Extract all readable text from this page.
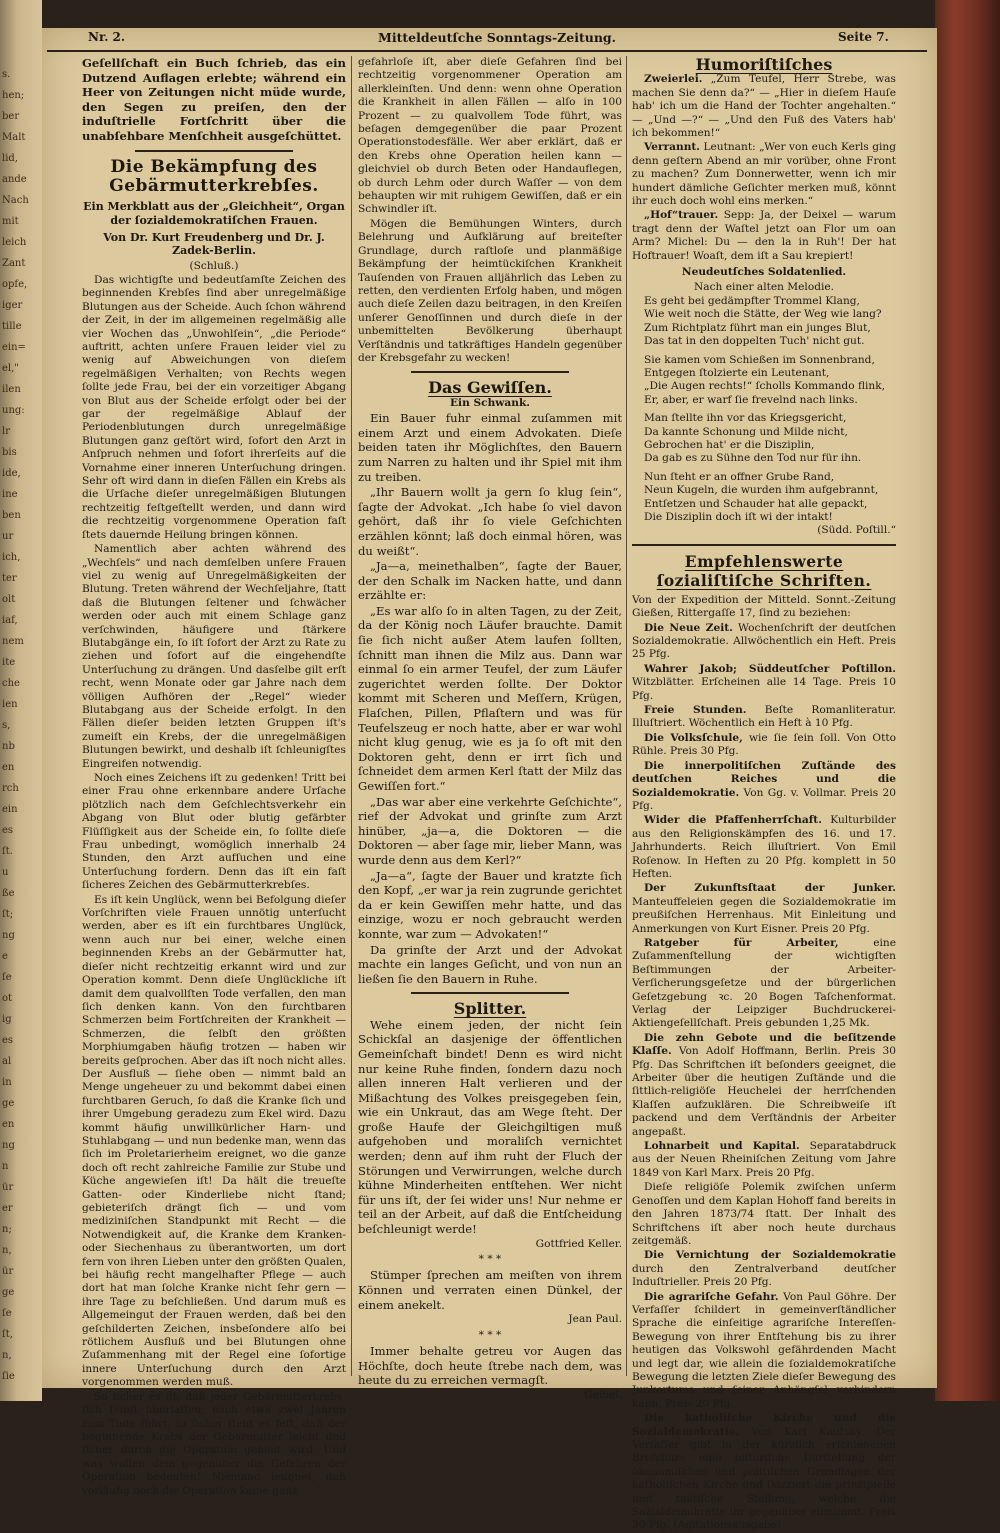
s.
hen;
ber
Malt
lid,
ande
Nach
mit
leich
Zant
opfe,
iger
tille
ein=
el,"
ilen
ung:
lr
bis
ide,
ine
ben
ur
ich,
ter
olt
iaf,
nem
ite
che
ien
s,
nb
en
rch
ein
es
ſt.
u
ße
ſt;
ng
e
ſe
ot
ig
es
al
in
ge
en
ng
n
ür
er
n;
n,
ür
ge
ſe
ſt,
n,
ſie
Nr. 2.	Mitteldeutſche Sonntags-Zeitung.	Seite 7.

Geſellſchaft ein Buch ſchrieb, das ein Dutzend Auflagen erlebte; während ein Heer von Zeitungen nicht müde wurde, den Segen zu preiſen, den der induſtrielle Fortſchritt über die unabſehbare Menſchheit ausgeſchüttet.

Die Bekämpfung des Gebärmutterkrebſes.

Ein Merkblatt aus der „Gleichheit“, Organ der ſozialdemokratiſchen Frauen.

Von Dr. Kurt Freudenberg und Dr. J. Zadek-Berlin.

(Schluß.)

Das wichtigſte und bedeutſamſte Zeichen des beginnenden Krebſes ſind aber unregelmäßige Blutungen aus der Scheide. Auch ſchon während der Zeit, in der im allgemeinen regelmäßig alle vier Wochen das „Unwohlſein“, „die Periode“ auftritt, achten unſere Frauen leider viel zu wenig auf Abweichungen von dieſem regelmäßigen Verhalten; von Rechts wegen ſollte jede Frau, bei der ein vorzeitiger Abgang von Blut aus der Scheide erfolgt oder bei der gar der regelmäßige Ablauf der Periodenblutungen durch unregelmäßige Blutungen ganz geſtört wird, ſofort den Arzt in Anſpruch nehmen und ſofort ihrerſeits auf die Vornahme einer inneren Unterſuchung dringen. Sehr oft wird dann in dieſen Fällen ein Krebs als die Urſache dieſer unregelmäßigen Blutungen rechtzeitig feſtgeſtellt werden, und dann wird die rechtzeitig vorgenommene Operation faſt ſtets dauernde Heilung bringen können.

Namentlich aber achten während des „Wechſels“ und nach demſelben unſere Frauen viel zu wenig auf Unregelmäßigkeiten der Blutung. Treten während der Wechſeljahre, ſtatt daß die Blutungen ſeltener und ſchwächer werden oder auch mit einem Schlage ganz verſchwinden, häufigere und ſtärkere Blutabgänge ein, ſo iſt ſofort der Arzt zu Rate zu ziehen und ſofort auf die eingehendſte Unterſuchung zu drängen. Und dasſelbe gilt erſt recht, wenn Monate oder gar Jahre nach dem völligen Aufhören der „Regel“ wieder Blutabgang aus der Scheide erfolgt. In den Fällen dieſer beiden letzten Gruppen iſt's zumeiſt ein Krebs, der die unregelmäßigen Blutungen bewirkt, und deshalb iſt ſchleunigſtes Eingreifen notwendig.

Noch eines Zeichens iſt zu gedenken! Tritt bei einer Frau ohne erkennbare andere Urſache plötzlich nach dem Geſchlechtsverkehr ein Abgang von Blut oder blutig gefärbter Flüſſigkeit aus der Scheide ein, ſo ſollte dieſe Frau unbedingt, womöglich innerhalb 24 Stunden, den Arzt aufſuchen und eine Unterſuchung fordern. Denn das iſt ein faſt ſicheres Zeichen des Gebärmutterkrebſes.

Es iſt kein Unglück, wenn bei Befolgung dieſer Vorſchriften viele Frauen unnötig unterſucht werden, aber es iſt ein furchtbares Unglück, wenn auch nur bei einer, welche einen beginnenden Krebs an der Gebärmutter hat, dieſer nicht rechtzeitig erkannt wird und zur Operation kommt. Denn dieſe Unglückliche iſt damit dem qualvollſten Tode verfallen, den man ſich denken kann. Von den furchtbaren Schmerzen beim Fortſchreiten der Krankheit — Schmerzen, die ſelbſt den größten Morphiumgaben häufig trotzen — haben wir bereits geſprochen. Aber das iſt noch nicht alles. Der Ausfluß — ſiehe oben — nimmt bald an Menge ungeheuer zu und bekommt dabei einen furchtbaren Geruch, ſo daß die Kranke ſich und ihrer Umgebung geradezu zum Ekel wird. Dazu kommt häufig unwillkürlicher Harn- und Stuhlabgang — und nun bedenke man, wenn das ſich im Proletarierheim ereignet, wo die ganze doch oft recht zahlreiche Familie zur Stube und Küche angewieſen iſt! Da hält die treueſte Gatten- oder Kinderliebe nicht ſtand; gebieteriſch drängt ſich — und vom mediziniſchen Standpunkt mit Recht — die Notwendigkeit auf, die Kranke dem Kranken- oder Siechenhaus zu überantworten, um dort fern von ihren Lieben unter den größten Qualen, bei häufig recht mangelhafter Pflege — auch dort hat man ſolche Kranke nicht ſehr gern — ihre Tage zu beſchließen. Und darum muß es Allgemeingut der Frauen werden, daß bei den geſchilderten Zeichen, insbeſondere alſo bei rötlichem Ausfluß und bei Blutungen ohne Zuſammenhang mit der Regel eine ſofortige innere Unterſuchung durch den Arzt vorgenommen werden muß.

So ſicher es iſt, daß jeder Gebärmutterkrebs, ſich ſelbſt überlaſſen, nach etwa zwei Jahren zum Tode führt, ſo ſicher ſteht es feſt, daß der beginnende Krebs der Gebärmutter leicht und ſicher durch die Operation geheilt wird. Und was wollen dem gegenüber die Gefahren der Operation bedeuten! Niemand leugnet, daß vorläufig noch die Operation keine ganz

gefahrloſe iſt, aber dieſe Gefahren ſind bei rechtzeitig vorgenommener Operation am allerkleinſten. Und denn: wenn ohne Operation die Krankheit in allen Fällen — alſo in 100 Prozent — zu qualvollem Tode führt, was beſagen demgegenüber die paar Prozent Operationstodesfälle. Wer aber erklärt, daß er den Krebs ohne Operation heilen kann — gleichviel ob durch Beten oder Handauflegen, ob durch Lehm oder durch Waſſer — von dem behaupten wir mit ruhigem Gewiſſen, daß er ein Schwindler iſt.

Mögen die Bemühungen Winters, durch Belehrung und Aufklärung auf breiteſter Grundlage, durch raſtloſe und planmäßige Bekämpfung der heimtückiſchen Krankheit Tauſenden von Frauen alljährlich das Leben zu retten, den verdienten Erfolg haben, und mögen auch dieſe Zeilen dazu beitragen, in den Kreiſen unſerer Genoſſinnen und durch dieſe in der unbemittelten Bevölkerung überhaupt Verſtändnis und tatkräftiges Handeln gegenüber der Krebsgefahr zu wecken!

Das Gewiſſen.

Ein Schwank.

Ein Bauer fuhr einmal zuſammen mit einem Arzt und einem Advokaten. Dieſe beiden taten ihr Möglichſtes, den Bauern zum Narren zu halten und ihr Spiel mit ihm zu treiben.

„Ihr Bauern wollt ja gern ſo klug ſein“, ſagte der Advokat. „Ich habe ſo viel davon gehört, daß ihr ſo viele Geſchichten erzählen könnt; laß doch einmal hören, was du weißt“.

„Ja—a, meinethalben“, ſagte der Bauer, der den Schalk im Nacken hatte, und dann erzählte er:

„Es war alſo ſo in alten Tagen, zu der Zeit, da der König noch Läufer brauchte. Damit ſie ſich nicht außer Atem laufen ſollten, ſchnitt man ihnen die Milz aus. Dann war einmal ſo ein armer Teufel, der zum Läufer zugerichtet werden ſollte. Der Doktor kommt mit Scheren und Meſſern, Krügen, Flaſchen, Pillen, Pflaſtern und was für Teufelszeug er noch hatte, aber er war wohl nicht klug genug, wie es ja ſo oft mit den Doktoren geht, denn er irrt ſich und ſchneidet dem armen Kerl ſtatt der Milz das Gewiſſen fort.“

„Das war aber eine verkehrte Geſchichte“, rief der Advokat und grinſte zum Arzt hinüber, „ja—a, die Doktoren — die Doktoren — aber ſage mir, lieber Mann, was wurde denn aus dem Kerl?“

„Ja—a“, ſagte der Bauer und kratzte ſich den Kopf, „er war ja rein zugrunde gerichtet da er kein Gewiſſen mehr hatte, und das einzige, wozu er noch gebraucht werden konnte, war zum — Advokaten!“

Da grinſte der Arzt und der Advokat machte ein langes Geſicht, und von nun an ließen ſie den Bauern in Ruhe.

Splitter.

Wehe einem jeden, der nicht ſein Schickſal an dasjenige der öffentlichen Gemeinſchaft bindet! Denn es wird nicht nur keine Ruhe finden, ſondern dazu noch allen inneren Halt verlieren und der Mißachtung des Volkes preisgegeben ſein, wie ein Unkraut, das am Wege ſteht. Der große Haufe der Gleichgiltigen muß aufgehoben und moraliſch vernichtet werden; denn auf ihm ruht der Fluch der Störungen und Verwirrungen, welche durch kühne Minderheiten entſtehen. Wer nicht für uns iſt, der ſei wider uns! Nur nehme er teil an der Arbeit, auf daß die Entſcheidung beſchleunigt werde!

Gottfried Keller.

* * *

Stümper ſprechen am meiſten von ihrem Können und verraten einen Dünkel, der einem anekelt.

Jean Paul.

* * *

Immer behalte getreu vor Augen das Höchſte, doch heute ſtrebe nach dem, was heute du zu erreichen vermagſt.

Geibel.

Humoriſtiſches

Zweierlei. „Zum Teufel, Herr Strebe, was machen Sie denn da?“ — „Hier in dieſem Hauſe hab' ich um die Hand der Tochter angehalten.“ — „Und —?“ — „Und den Fuß des Vaters hab' ich bekommen!“

Verrannt. Leutnant: „Wer von euch Kerls ging denn geſtern Abend an mir vorüber, ohne Front zu machen? Zum Donnerwetter, wenn ich mir hundert dämliche Geſichter merken muß, könnt ihr euch doch wohl eins merken.“

„Hof“trauer. Sepp: Ja, der Deixel — warum tragt denn der Waſtel jetzt oan Flor um oan Arm? Michel: Du — den la in Ruh'! Der hat Hoftrauer! Woaſt, dem iſt a Sau krepiert!

Neudeutſches Soldatenlied.

Nach einer alten Melodie.

Es geht bei gedämpfter Trommel Klang,
Wie weit noch die Stätte, der Weg wie lang?
Zum Richtplatz führt man ein junges Blut,
Das tat in den doppelten Tuch' nicht gut.

Sie kamen vom Schießen im Sonnenbrand,
Entgegen ſtolzierte ein Leutenant,
„Die Augen rechts!“ ſcholls Kommando flink,
Er, aber, er warf ſie frevelnd nach links.

Man ſtellte ihn vor das Kriegsgericht,
Da kannte Schonung und Milde nicht,
Gebrochen hat' er die Disziplin,
Da gab es zu Sühne den Tod nur für ihn.

Nun ſteht er an offner Grube Rand,
Neun Kugeln, die wurden ihm aufgebrannt,
Entſetzen und Schauder hat alle gepackt,
Die Disziplin doch iſt wi der intakt!

(Südd. Poſtill.“

Empfehlenswerte ſozialiſtiſche Schriften.

Von der Expedition der Mitteld. Sonnt.-Zeitung Gießen, Rittergaſſe 17, ſind zu beziehen:

Die Neue Zeit. Wochenſchrift der deutſchen Sozialdemokratie. Allwöchentlich ein Heft. Preis 25 Pfg.

Wahrer Jakob; Süddeutſcher Poſtillon. Witzblätter. Erſcheinen alle 14 Tage. Preis 10 Pfg.

Freie Stunden. Beſte Romanliteratur. Illuſtriert. Wöchentlich ein Heft à 10 Pfg.

Die Volksſchule, wie ſie ſein ſoll. Von Otto Rühle. Preis 30 Pfg.

Die innerpolitiſchen Zuſtände des deutſchen Reiches und die Sozialdemokratie. Von Gg. v. Vollmar. Preis 20 Pfg.

Wider die Pfaffenherrſchaft. Kulturbilder aus den Religionskämpfen des 16. und 17. Jahrhunderts. Reich illuſtriert. Von Emil Roſenow. In Heften zu 20 Pfg. komplett in 50 Heften.

Der Zukunftsſtaat der Junker. Manteuffeleien gegen die Sozialdemokratie im preußiſchen Herrenhaus. Mit Einleitung und Anmerkungen von Kurt Eisner. Preis 20 Pfg.

Ratgeber für Arbeiter,	eine Zuſammenſtellung der wichtigſten Beſtimmungen der Arbeiter-Verſicherungsgeſetze und der bürgerlichen Geſetzgebung ꝛc. 20 Bogen Taſchenformat. Verlag der Leipziger Buchdruckerei-Aktiengeſellſchaft. Preis gebunden 1,25 Mk.

Die zehn Gebote und die beſitzende Klaſſe. Von Adolf Hoffmann, Berlin. Preis 30 Pfg. Das Schriftchen iſt beſonders geeignet, die Arbeiter über die heutigen Zuſtände und die ſittlich-religiöſe Heuchelei der herrſchenden Klaſſen aufzuklären. Die Schreibweiſe iſt packend und dem Verſtändnis der Arbeiter angepaßt.

Lohnarbeit und Kapital. Separatabdruck aus der Neuen Rheiniſchen Zeitung vom Jahre 1849 von Karl Marx. Preis 20 Pfg.

Dieſe religiöſe Polemik zwiſchen unſerm Genoſſen und dem Kaplan Hohoff fand bereits in den Jahren 1873/74 ſtatt. Der Inhalt des Schriftchens iſt aber noch heute durchaus zeitgemäß.

Die Vernichtung der Sozialdemokratie durch den Zentralverband deutſcher Induſtrieller. Preis 20 Pfg.

Die agrariſche Gefahr. Von Paul Göhre. Der Verfaſſer ſchildert in gemeinverſtändlicher Sprache die einſeitige agrariſche Intereſſen-Bewegung von ihrer Entſtehung bis zu ihrer heutigen das Volkswohl gefährdenden Macht und legt dar, wie allein die ſozialdemokratiſche Bewegung die letzten Ziele dieſer Bewegung des Junkertums und ſeiner Anhängſel verhindern kann. Preis 20 Pfg.

Die katholiſche Kirche und die Sozialdemokratie. Von Karl Kautsky. Der Verfaſſer gibt in der kürzlich erſchienenen Broſchüre eine hiſtoriſche Darſtellung der ökonomiſchen und politiſchen Grundlagen der katholiſchen Kirche und ſkizziert die prinzipielle und taktiſche Stellung, welche die Sozialdemokratie ihr gegenüber einnimmt. Preis 30 Pfg. (Agitationsausgabe)
